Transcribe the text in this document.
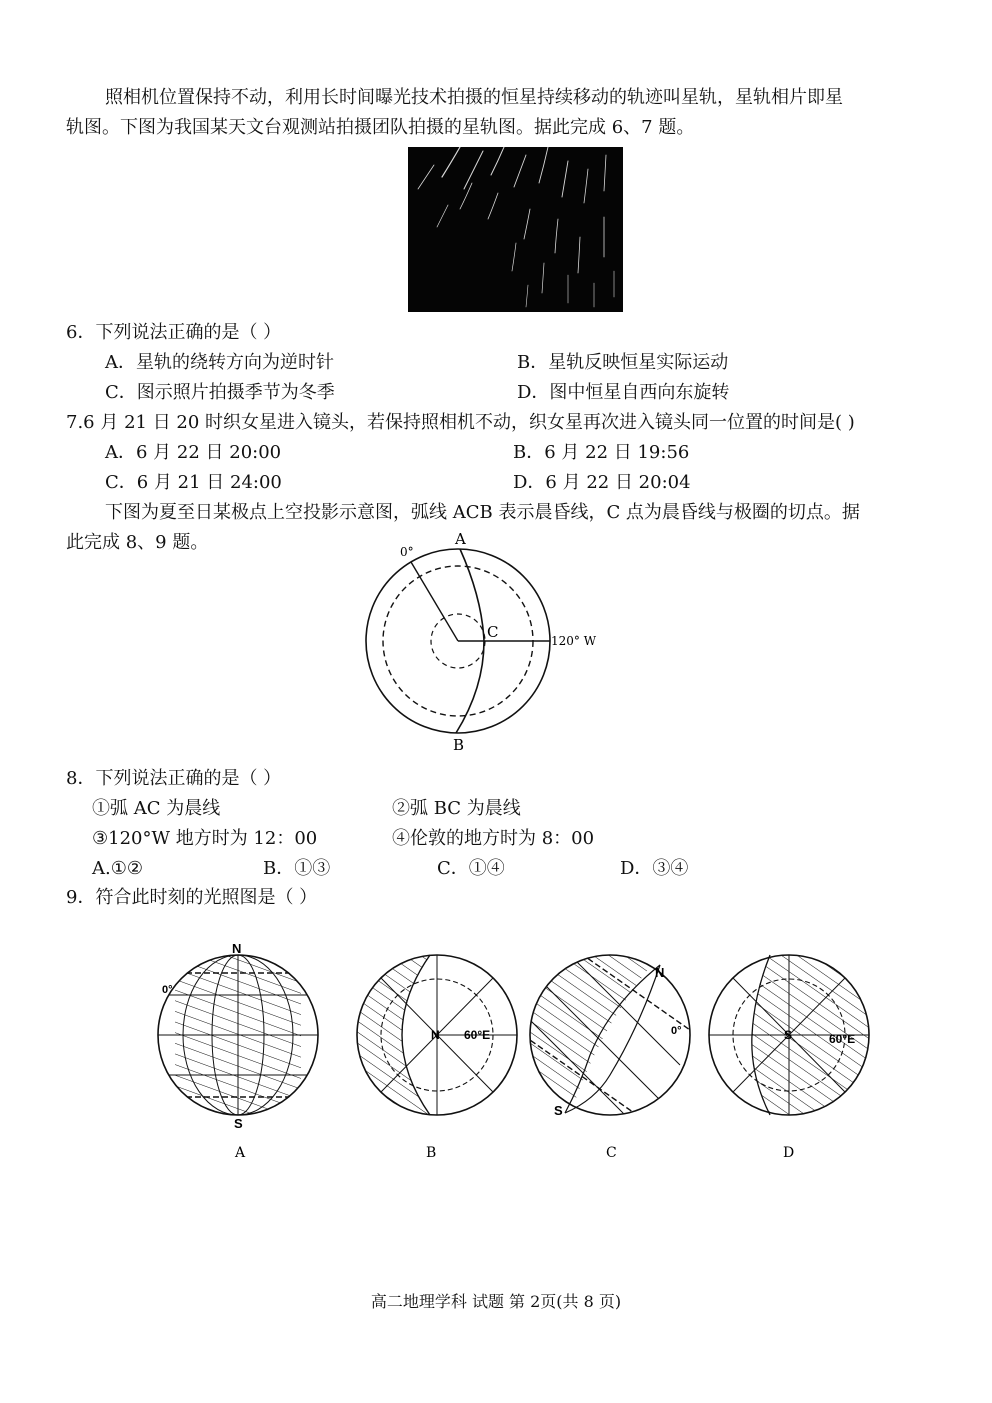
照相机位置保持不动，利用长时间曝光技术拍摄的恒星持续移动的轨迹叫星轨，星轨相片即星
轨图。下图为我国某天文台观测站拍摄团队拍摄的星轨图。据此完成 6、7 题。
6．下列说法正确的是（ ）
A．星轨的绕转方向为逆时针	B．星轨反映恒星实际运动
C．图示照片拍摄季节为冬季	D．图中恒星自西向东旋转
7.6 月 21 日 20 时织女星进入镜头，若保持照相机不动，织女星再次进入镜头同一位置的时间是( )
A．6 月 22 日 20:00	B．6 月 22 日 19:56
C．6 月 21 日 24:00	D．6 月 22 日 20:04
下图为夏至日某极点上空投影示意图，弧线 ACB 表示晨昏线，C 点为晨昏线与极圈的切点。据
此完成 8、9 题。	0°
A
B
C	120° W
8．下列说法正确的是（ ）
①弧 AC 为晨线	②弧 BC 为晨线
③120°W 地方时为 12：00	④伦敦的地方时为 8：00
A.①②	B．①③	C．①④	D．③④
9．符合此时刻的光照图是（ ）
N
S
0°
A
N 60°E
B
N
S
0°
C
S	60°E
D
高二地理学科 试题 第 2页(共 8 页)
